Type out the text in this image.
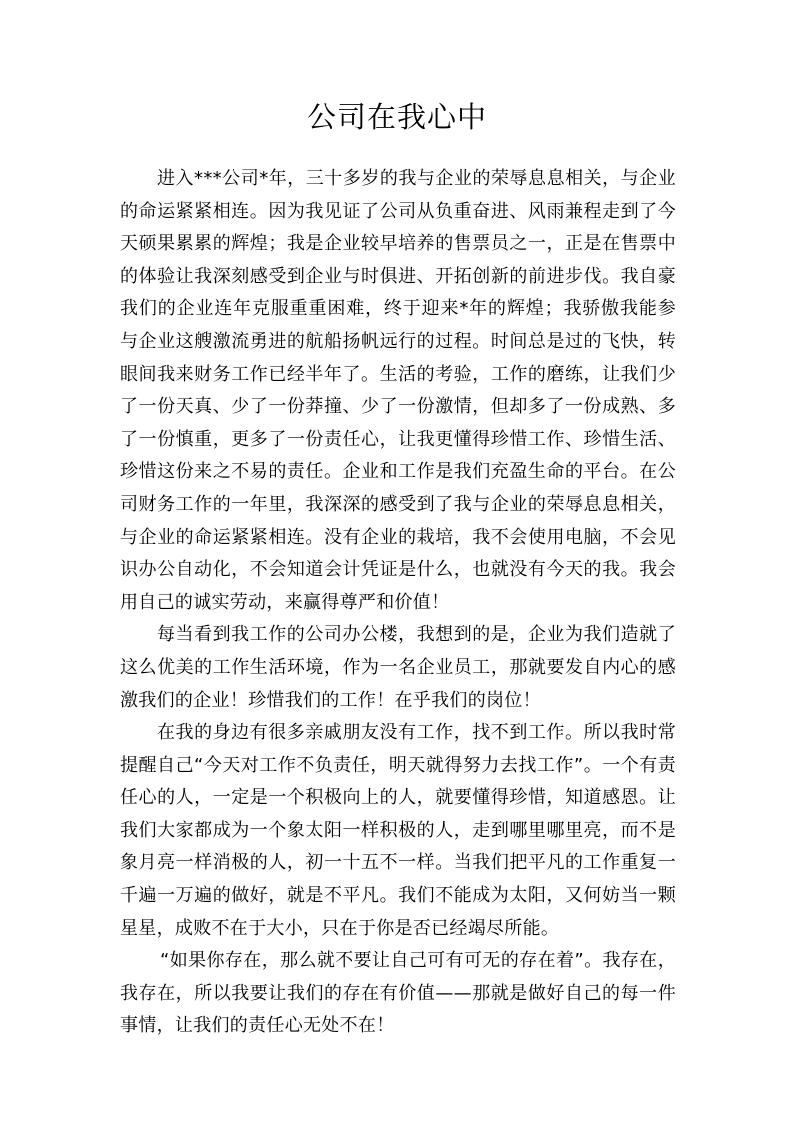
公司在我心中

进入***公司*年，三十多岁的我与企业的荣辱息息相关，与企业的命运紧紧相连。因为我见证了公司从负重奋进、风雨兼程走到了今天硕果累累的辉煌；我是企业较早培养的售票员之一，正是在售票中的体验让我深刻感受到企业与时俱进、开拓创新的前进步伐。我自豪我们的企业连年克服重重困难，终于迎来*年的辉煌；我骄傲我能参与企业这艘激流勇进的航船扬帆远行的过程。时间总是过的飞快，转眼间我来财务工作已经半年了。生活的考验，工作的磨练，让我们少了一份天真、少了一份莽撞、少了一份激情，但却多了一份成熟、多了一份慎重，更多了一份责任心，让我更懂得珍惜工作、珍惜生活、珍惜这份来之不易的责任。企业和工作是我们充盈生命的平台。在公司财务工作的一年里，我深深的感受到了我与企业的荣辱息息相关，与企业的命运紧紧相连。没有企业的栽培，我不会使用电脑，不会见识办公自动化，不会知道会计凭证是什么，也就没有今天的我。我会用自己的诚实劳动，来赢得尊严和价值！

每当看到我工作的公司办公楼，我想到的是，企业为我们造就了这么优美的工作生活环境，作为一名企业员工，那就要发自内心的感激我们的企业！珍惜我们的工作！在乎我们的岗位！

在我的身边有很多亲戚朋友没有工作，找不到工作。所以我时常提醒自己“今天对工作不负责任，明天就得努力去找工作”。一个有责任心的人，一定是一个积极向上的人，就要懂得珍惜，知道感恩。让我们大家都成为一个象太阳一样积极的人，走到哪里哪里亮，而不是象月亮一样消极的人，初一十五不一样。当我们把平凡的工作重复一千遍一万遍的做好，就是不平凡。我们不能成为太阳，又何妨当一颗星星，成败不在于大小，只在于你是否已经竭尽所能。

“如果你存在，那么就不要让自己可有可无的存在着”。我存在，我存在，所以我要让我们的存在有价值——那就是做好自己的每一件事情，让我们的责任心无处不在！
